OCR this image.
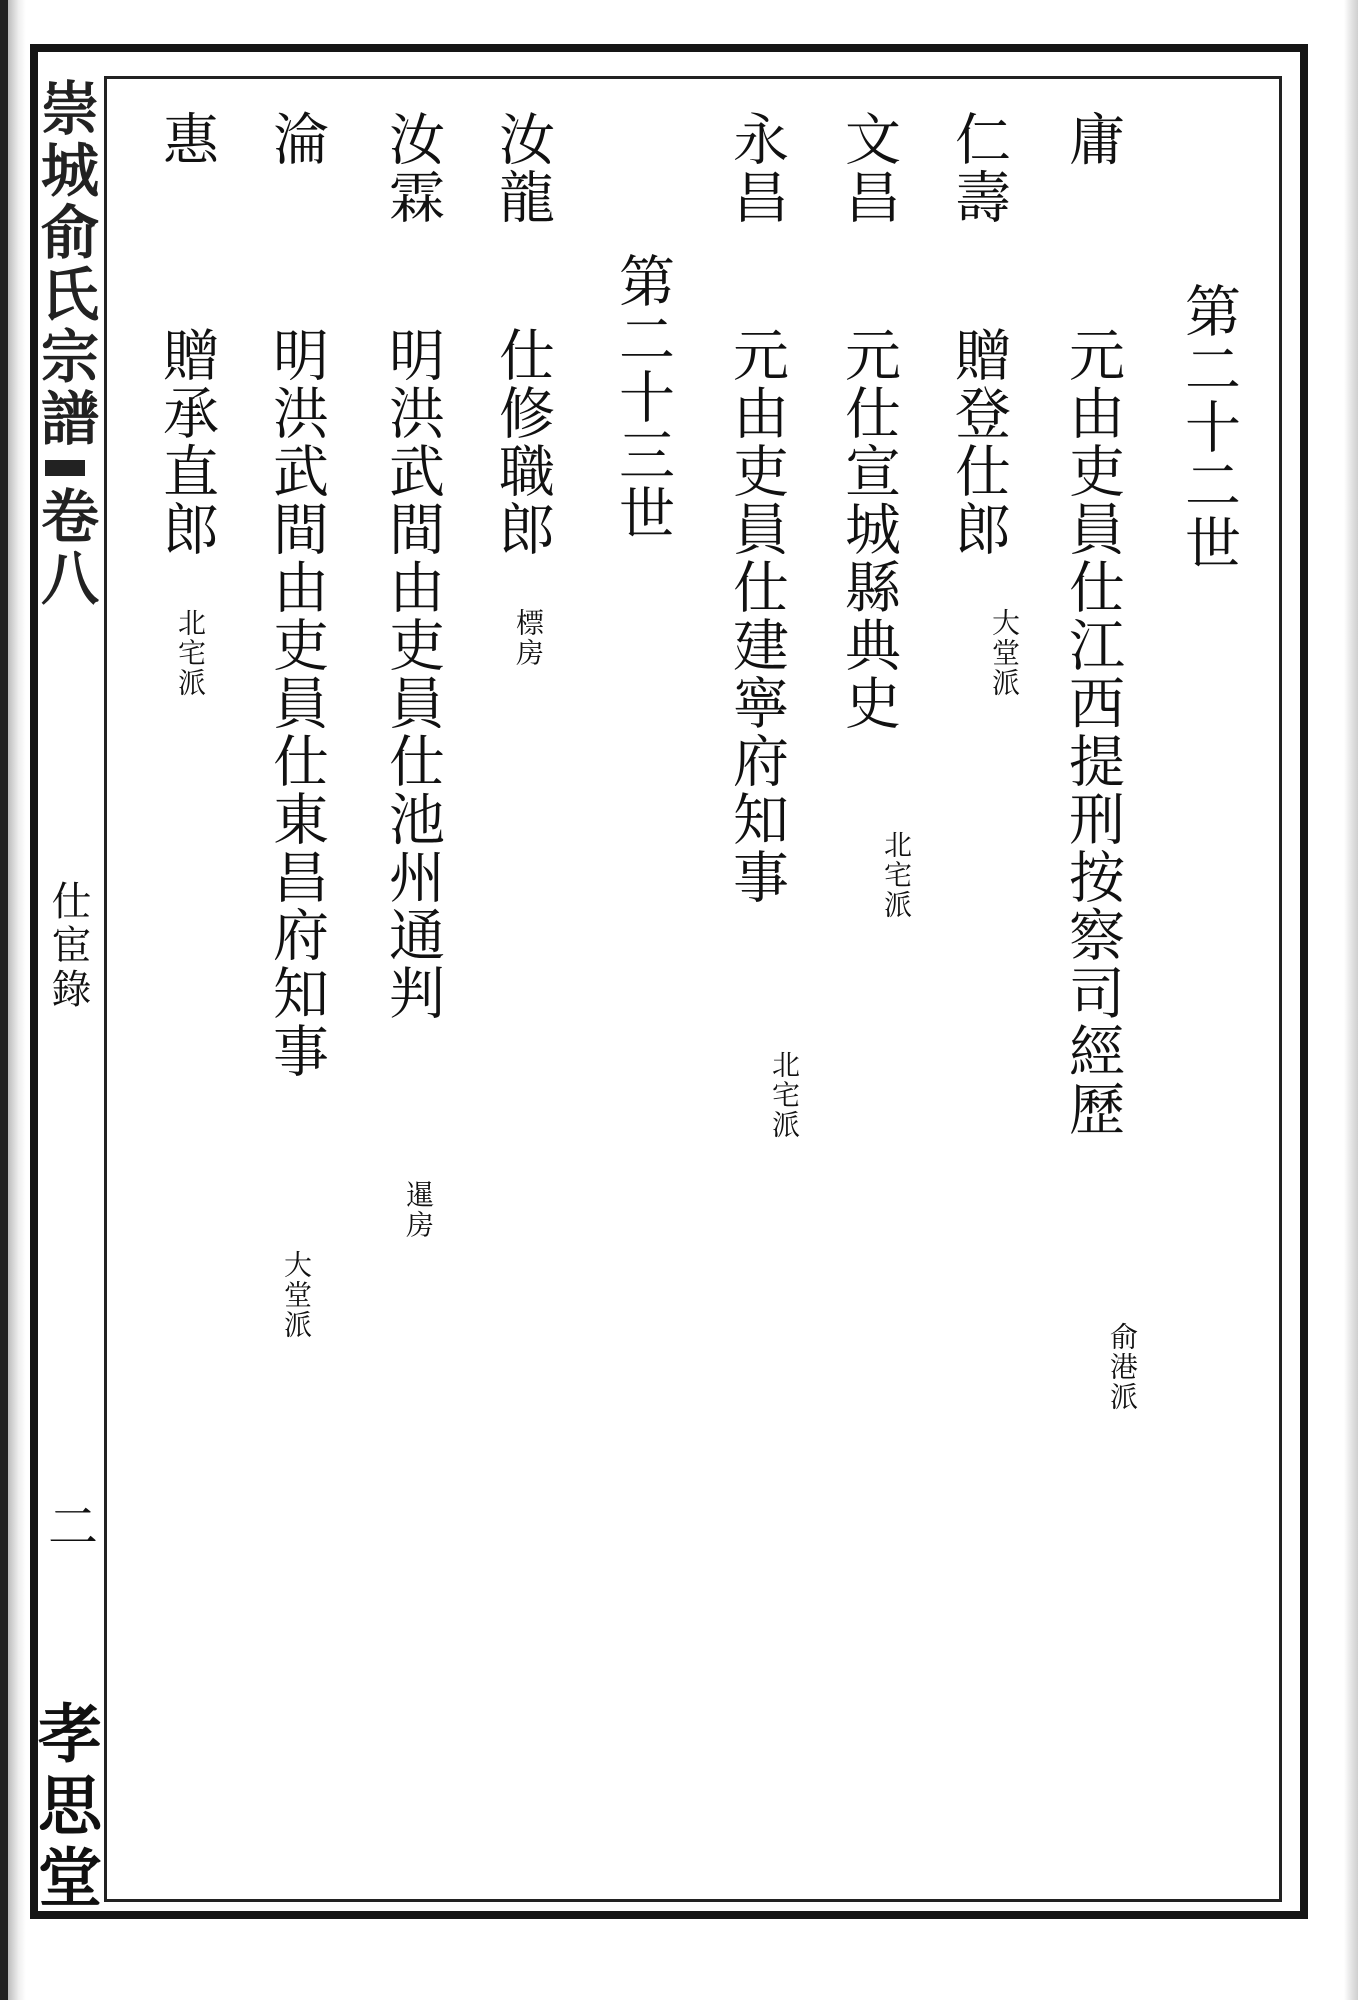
崇城俞氏宗譜卷八
仕宦錄
二
孝思堂
第二十二世
庸
元由吏員仕江西提刑按察司經歷
俞港派
仁壽
贈登仕郎
大堂派
文昌
元仕宣城縣典史
北宅派
永昌
元由吏員仕建寧府知事
北宅派
第二十三世
汝龍
仕修職郎
標房
汝霖
明洪武間由吏員仕池州通判
暹房
淪
明洪武間由吏員仕東昌府知事
大堂派
惠
贈承直郎
北宅派
